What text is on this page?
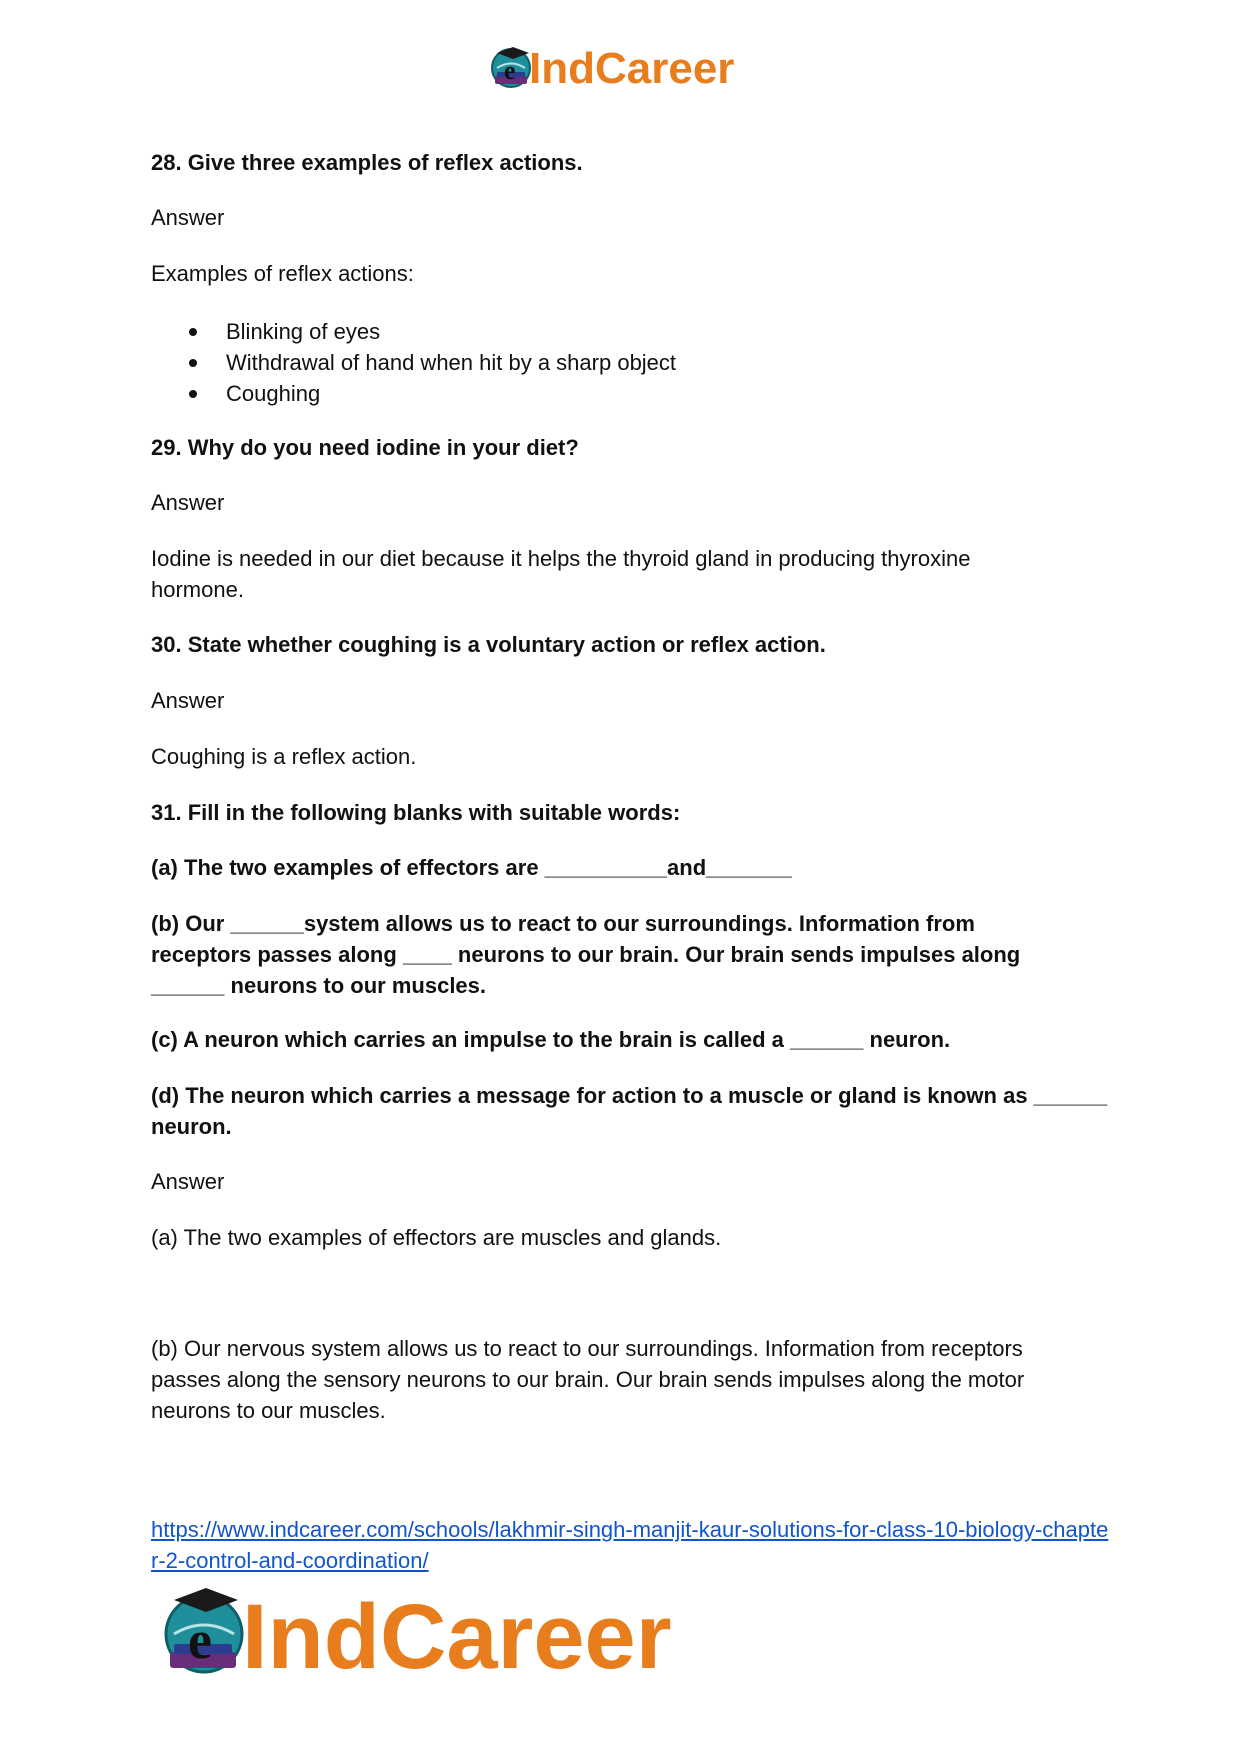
e IndCareer

28. Give three examples of reflex actions.

Answer

Examples of reflex actions:

Blinking of eyes
Withdrawal of hand when hit by a sharp object
Coughing

29. Why do you need iodine in your diet?

Answer

Iodine is needed in our diet because it helps the thyroid gland in producing thyroxine hormone.

30. State whether coughing is a voluntary action or reflex action.

Answer

Coughing is a reflex action.

31. Fill in the following blanks with suitable words:

(a) The two examples of effectors are __________and_______

(b) Our ______system allows us to react to our surroundings. Information from receptors passes along ____ neurons to our brain. Our brain sends impulses along ______ neurons to our muscles.

(c) A neuron which carries an impulse to the brain is called a ______ neuron.

(d) The neuron which carries a message for action to a muscle or gland is known as ______ neuron.

Answer

(a) The two examples of effectors are muscles and glands.

(b) Our nervous system allows us to react to our surroundings. Information from receptors passes along the sensory neurons to our brain. Our brain sends impulses along the motor neurons to our muscles.

https://www.indcareer.com/schools/lakhmir-singh-manjit-kaur-solutions-for-class-10-biology-chapter-2-control-and-coordination/
e IndCareer
